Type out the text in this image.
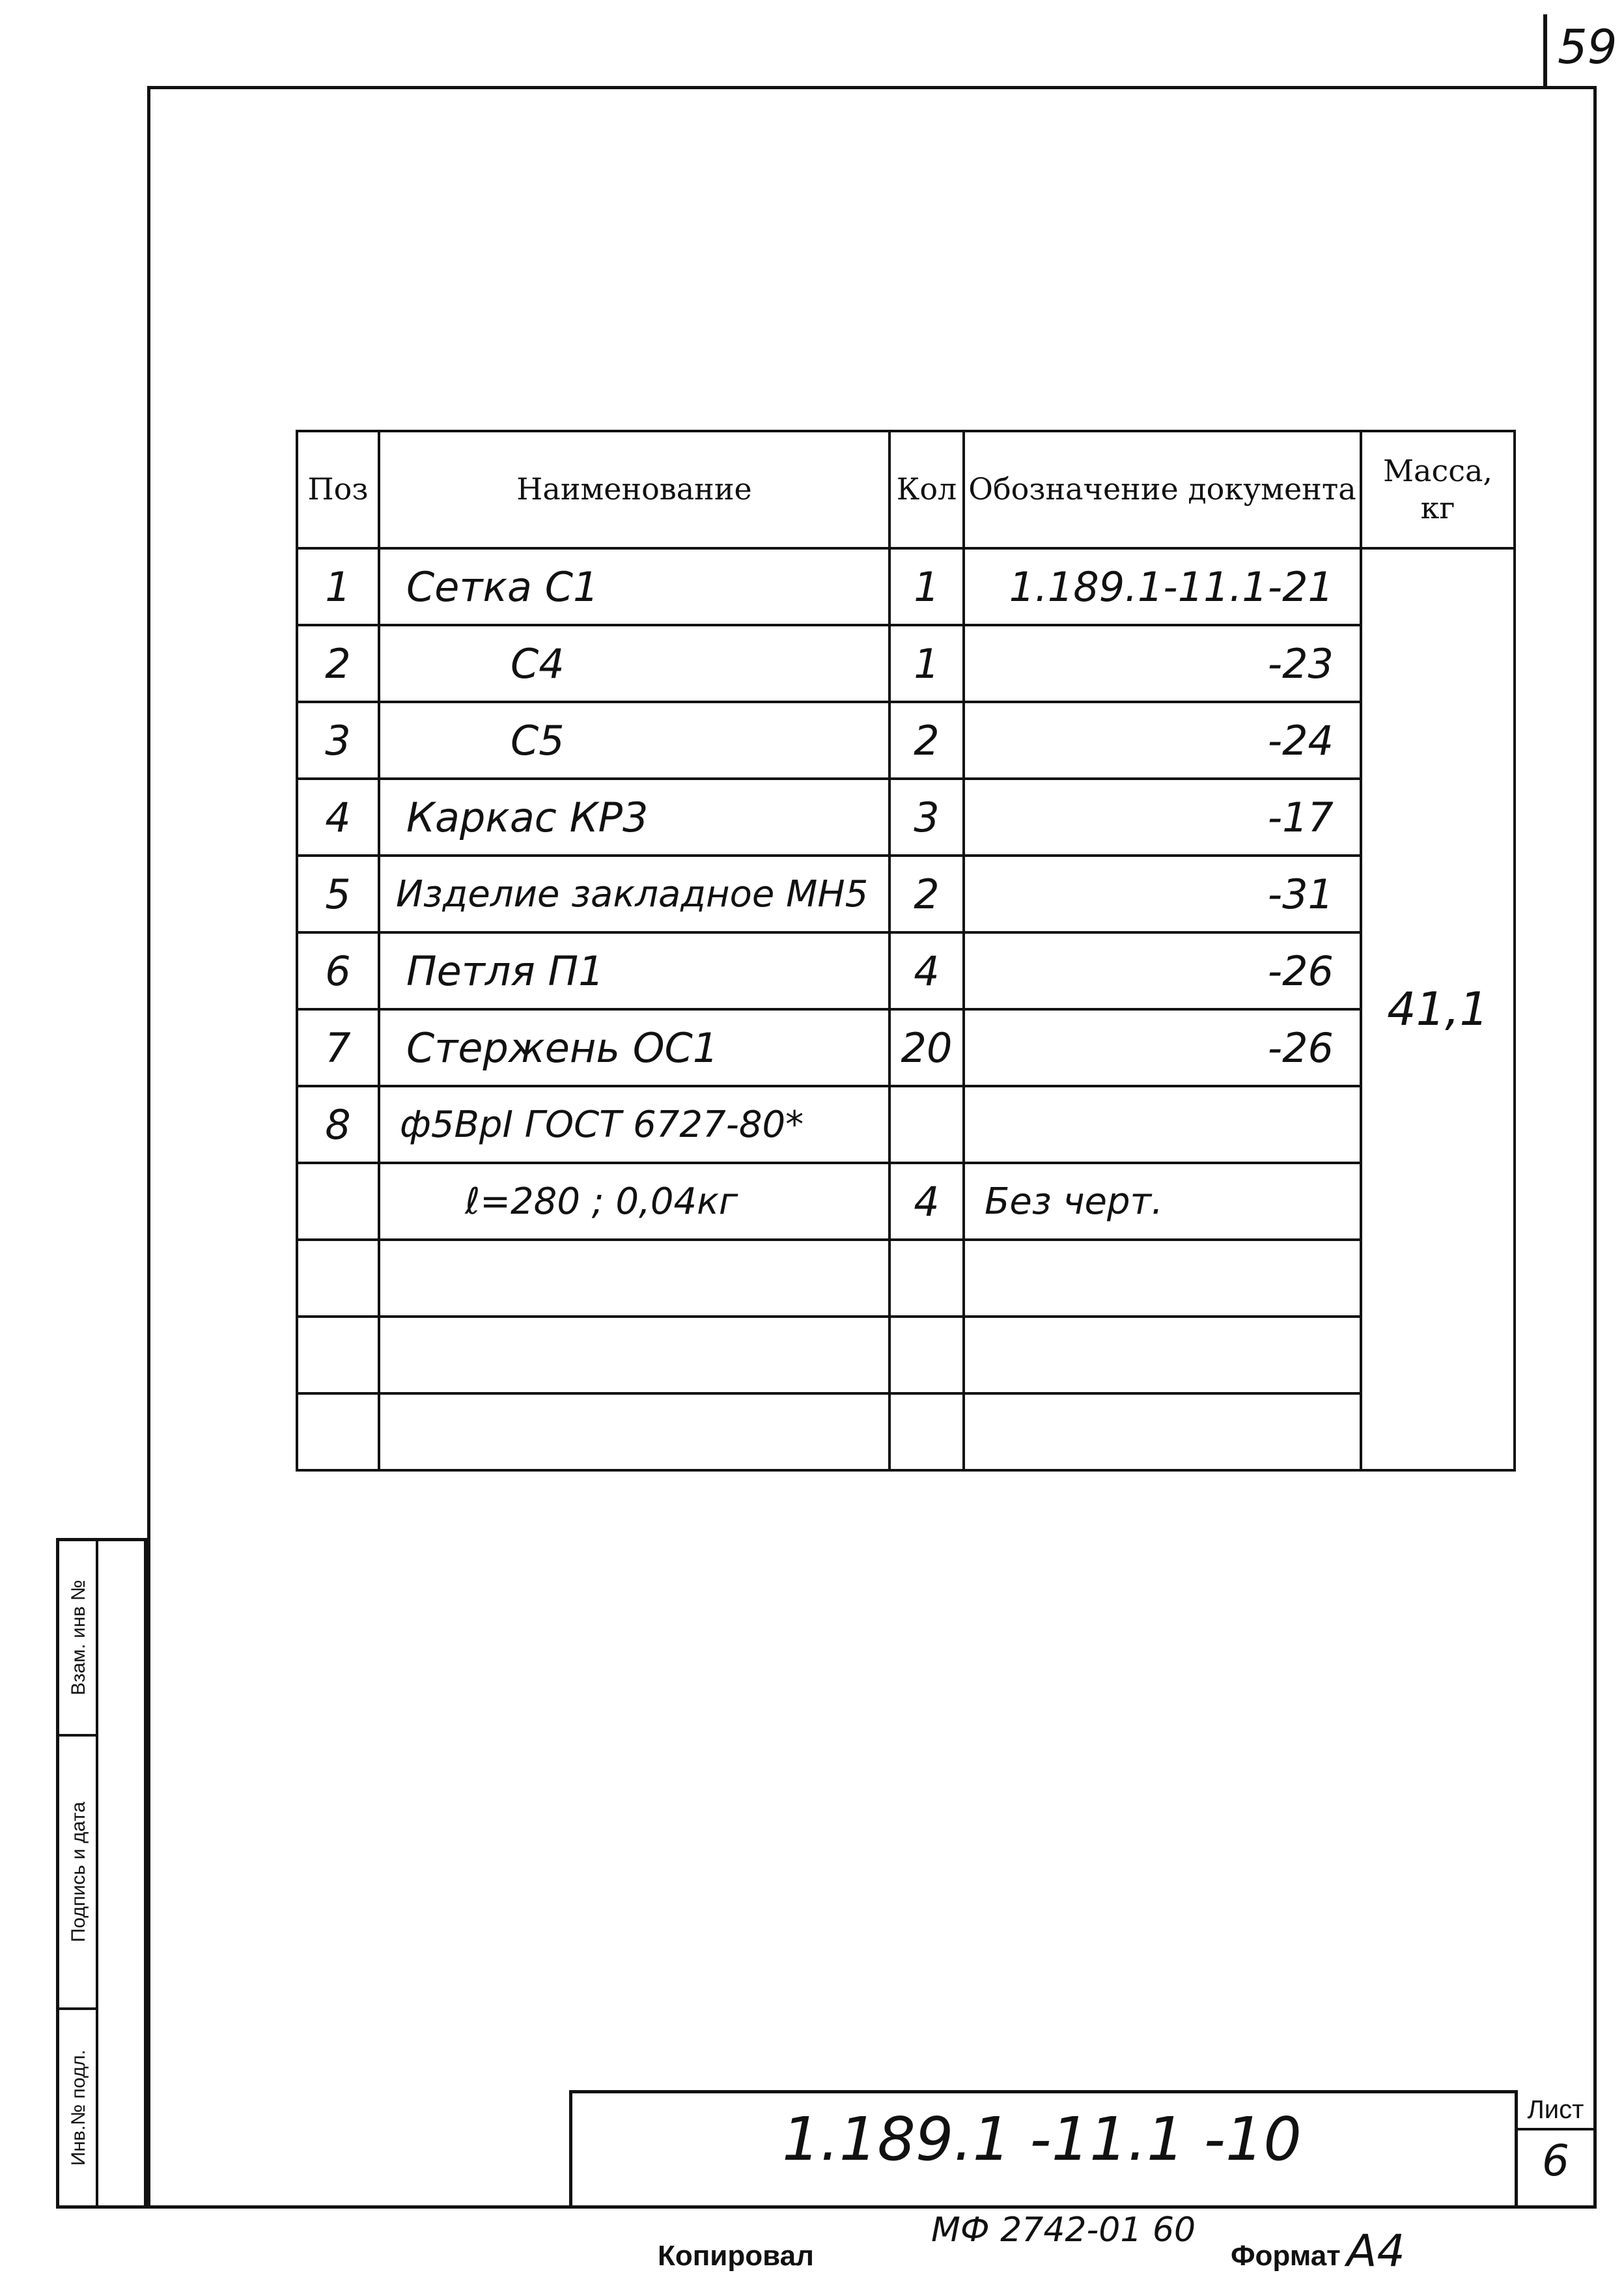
59
Взам. инв №
Подпись и дата
Инв.№ подл.
Поз	Наименование	Кол	Обозначение документа	Масса, кг
1	Сетка С1	1	1.189.1-11.1-21	41,1
2	С4	1	-23	
3	С5	2	-24	
4	Каркас КР3	3	-17	
5	Изделие закладное МН5	2	-31	
6	Петля П1	4	-26	
7	Стержень ОС1	20	-26	
8	ф5ВрI ГОСТ 6727-80*			
	ℓ=280 ; 0,04кг	4	Без черт.	

1.189.1 -11.1 -10	Лист
6
МФ 2742-01 60
Копировал	Формат А4
